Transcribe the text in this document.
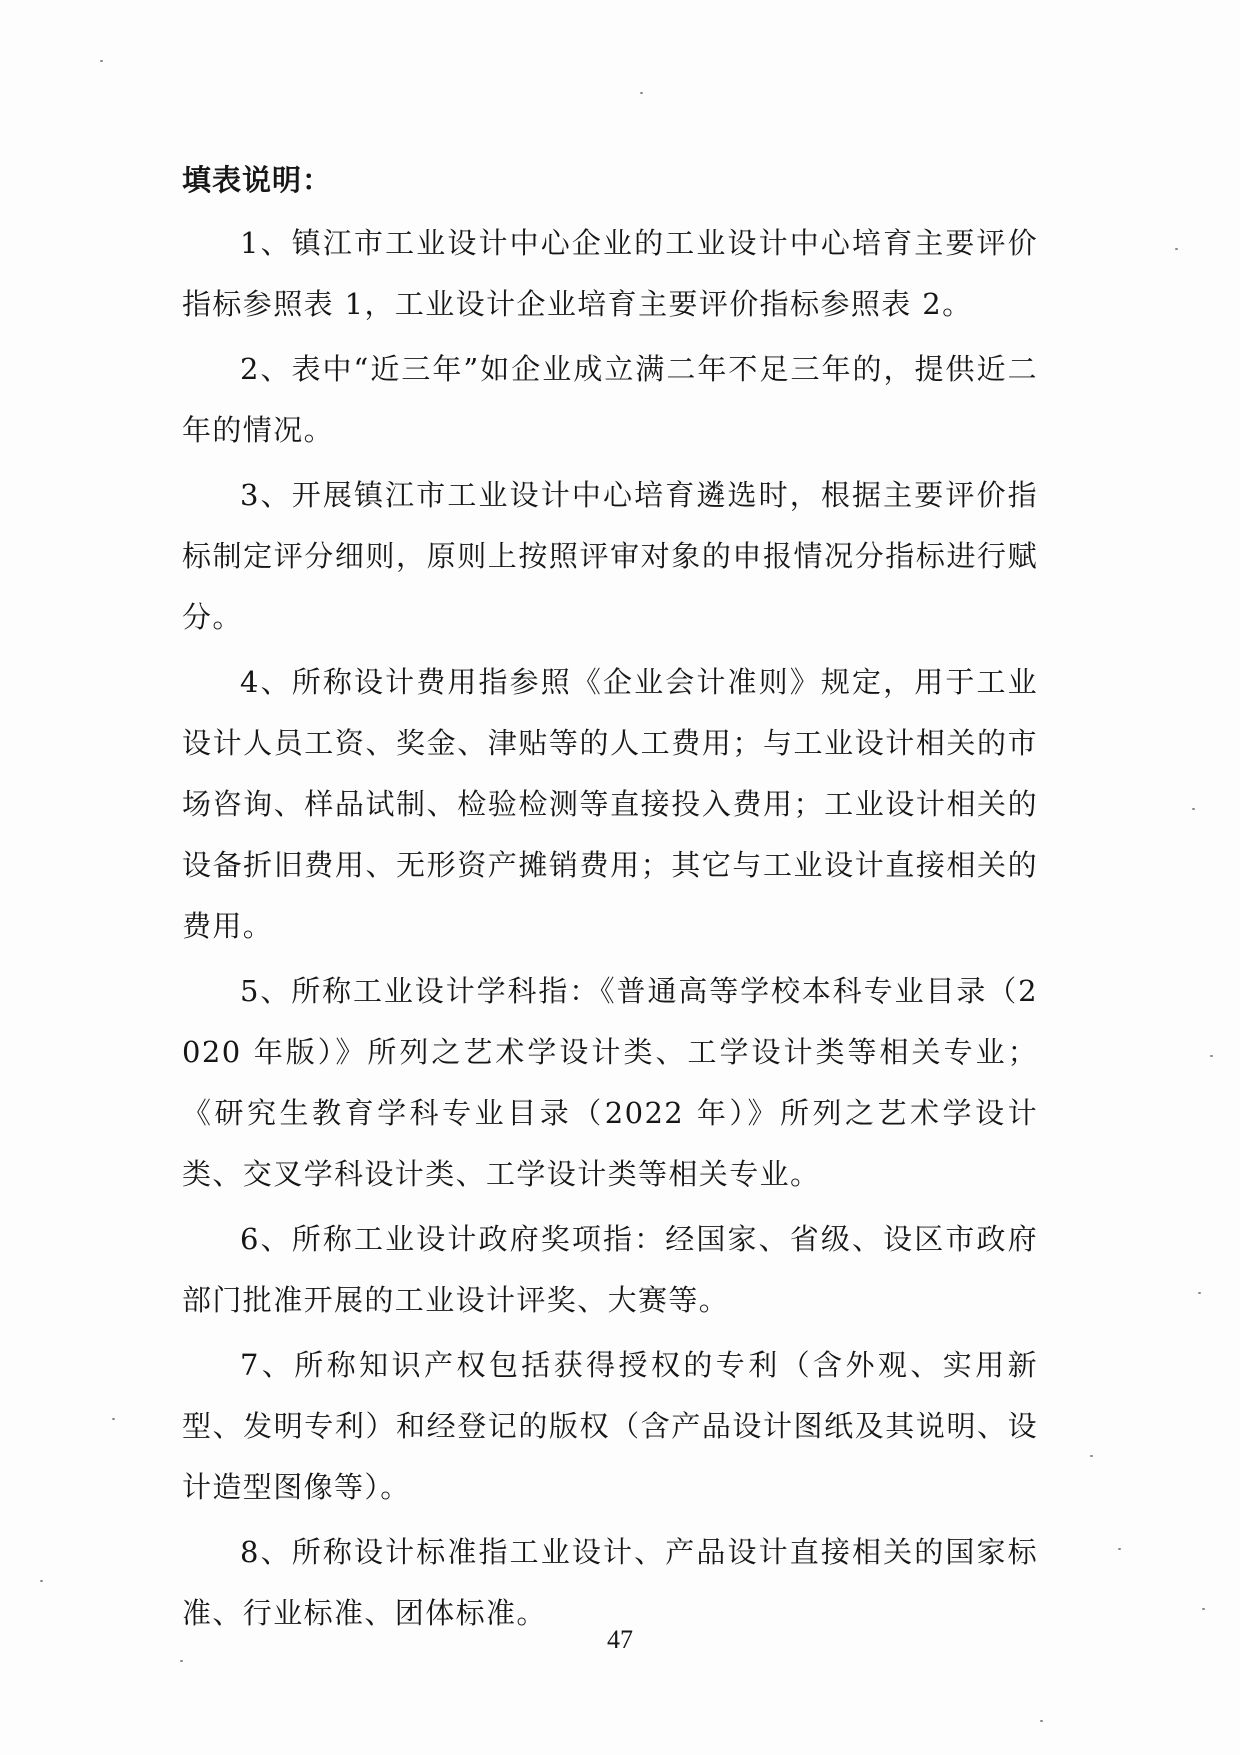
填表说明：

1、镇江市工业设计中心企业的工业设计中心培育主要评价指标参照表 1，工业设计企业培育主要评价指标参照表 2。

2、表中“近三年”如企业成立满二年不足三年的，提供近二年的情况。

3、开展镇江市工业设计中心培育遴选时，根据主要评价指标制定评分细则，原则上按照评审对象的申报情况分指标进行赋分。

4、所称设计费用指参照《企业会计准则》规定，用于工业设计人员工资、奖金、津贴等的人工费用；与工业设计相关的市场咨询、样品试制、检验检测等直接投入费用；工业设计相关的设备折旧费用、无形资产摊销费用；其它与工业设计直接相关的费用。

5、所称工业设计学科指：《普通高等学校本科专业目录（2020 年版）》所列之艺术学设计类、工学设计类等相关专业；《研究生教育学科专业目录（2022 年）》所列之艺术学设计类、交叉学科设计类、工学设计类等相关专业。

6、所称工业设计政府奖项指：经国家、省级、设区市政府部门批准开展的工业设计评奖、大赛等。

7、所称知识产权包括获得授权的专利（含外观、实用新型、发明专利）和经登记的版权（含产品设计图纸及其说明、设计造型图像等）。

8、所称设计标准指工业设计、产品设计直接相关的国家标准、行业标准、团体标准。

47
